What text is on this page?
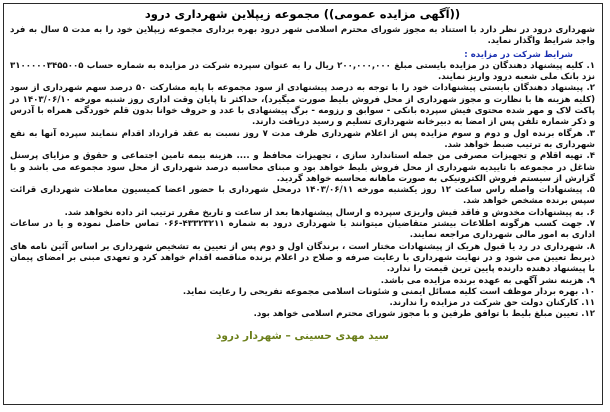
((آگهی مزایده عمومی)) مجموعه زیپلاین شهرداری درود

شهرداری درود در نظر دارد با استناد به مجوز شورای محترم اسلامی شهر درود بهره برداری مجموعه زیپلاین خود را به مدت ۵ سال به فرد واجد شرایط واگذار نماید.

شرایط شرکت در مزایده :
۱. کلیه پیشنهاد دهندگان در مزایده بایستی مبلغ ۲۰۰,۰۰۰,۰۰۰ ریال را به عنوان سپرده شرکت در مزایده به شماره حساب ۳۱۰۰۰۰۰۳۴۵۵۰۰۵ نزد بانک ملی شعبه درود واریز نمایند.
۲. پیشنهاد دهندگان بایستی پیشنهادات خود را با توجه به درصد پیشنهادی از سود مجموعه با پایه مشارکت ۵۰ درصد سهم شهرداری از سود (کلیه هزینه ها با نظارت و مجوز شهرداری از محل فروش بلیط صورت میگیرد)، حداکثر تا پایان وقت اداری روز شنبه مورخه ۱۴۰۳/۰۶/۱۰ در پاکت لاک و مهر شده محتوی فیش سپرده بانکی - سوابق و رزومه - برگ پیشنهادی با عدد و حروف خوانا بدون قلم خوردگی همراه با آدرس و ذکر شماره تلفن پس از امضا به دبیرخانه شهرداری تسلیم و رسید دریافت دارند.
۳. هرگاه برنده اول و دوم و سوم مزایده پس از اعلام شهرداری ظرف مدت ۷ روز نسبت به عقد قرارداد اقدام ننمایند سپرده آنها به نفع شهرداری به ترتیب ضبط خواهد شد.
۴. تهیه اقلام و تجهیزات مصرفی من جمله استاندارد سازی ، تجهیزات محافظ و .... هزینه بیمه تامین اجتماعی و حقوق و مزایای پرسنل شاغل در مجموعه با تاییدیه شهرداری از محل فروش بلیط خواهد بود و مبنای محاسبه درصد شهرداری از محل سود مجموعه می باشد و با گزارش از سیستم فروش الکترونیکی به صورت ماهانه محاسبه خواهد گردید.
۵. پیشنهادات واصله راس ساعت ۱۲ روز یکشنبه مورخه ۱۴۰۳/۰۶/۱۱ درمحل شهرداری با حضور اعضا کمیسیون معاملات شهرداری قرائت سپس برنده مشخص خواهد شد.
۶. به پیشنهادات مخدوش و فاقد فیش واریزی سپرده و ارسال پیشنهادها بعد از ساعت و تاریخ مقرر ترتیب اثر داده نخواهد شد.
۷. جهت کسب هرگونه اطلاعات بیشتر متقاضیان میتوانند با شهرداری درود به شماره ۴۳۳۲۳۲۱۱-۰۶۶ تماس حاصل نموده و یا در ساعات اداری به امور مالی شهرداری مراجعه نمایند.
۸. شهرداری در رد یا قبول هریک از پیشنهادات مختار است ، برندگان اول و دوم پس از تعیین به تشخیص شهرداری بر اساس آئین نامه های ذیربط تعیین می شود و در نهایت شهرداری با رعایت صرفه و صلاح در اعلام برنده مناقصه اقدام خواهد کرد و تعهدی مبنی بر امضای پیمان با پیشنهاد دهنده دارنده پایین ترین قیمت را ندارد.
۹. هزینه نشر آگهی به عهده برنده مزایده می باشد.
۱۰. بهره بردار موظف است کلیه مسائل ایمنی و شئونات اسلامی مجموعه تفریحی را رعایت نماید.
۱۱. کارکنان دولت حق شرکت در مزایده را ندارند.
۱۲. تعیین مبلغ بلیط با توافق طرفین و با مجوز شورای محترم اسلامی خواهد بود.
سید مهدی حسینی – شهردار درود
